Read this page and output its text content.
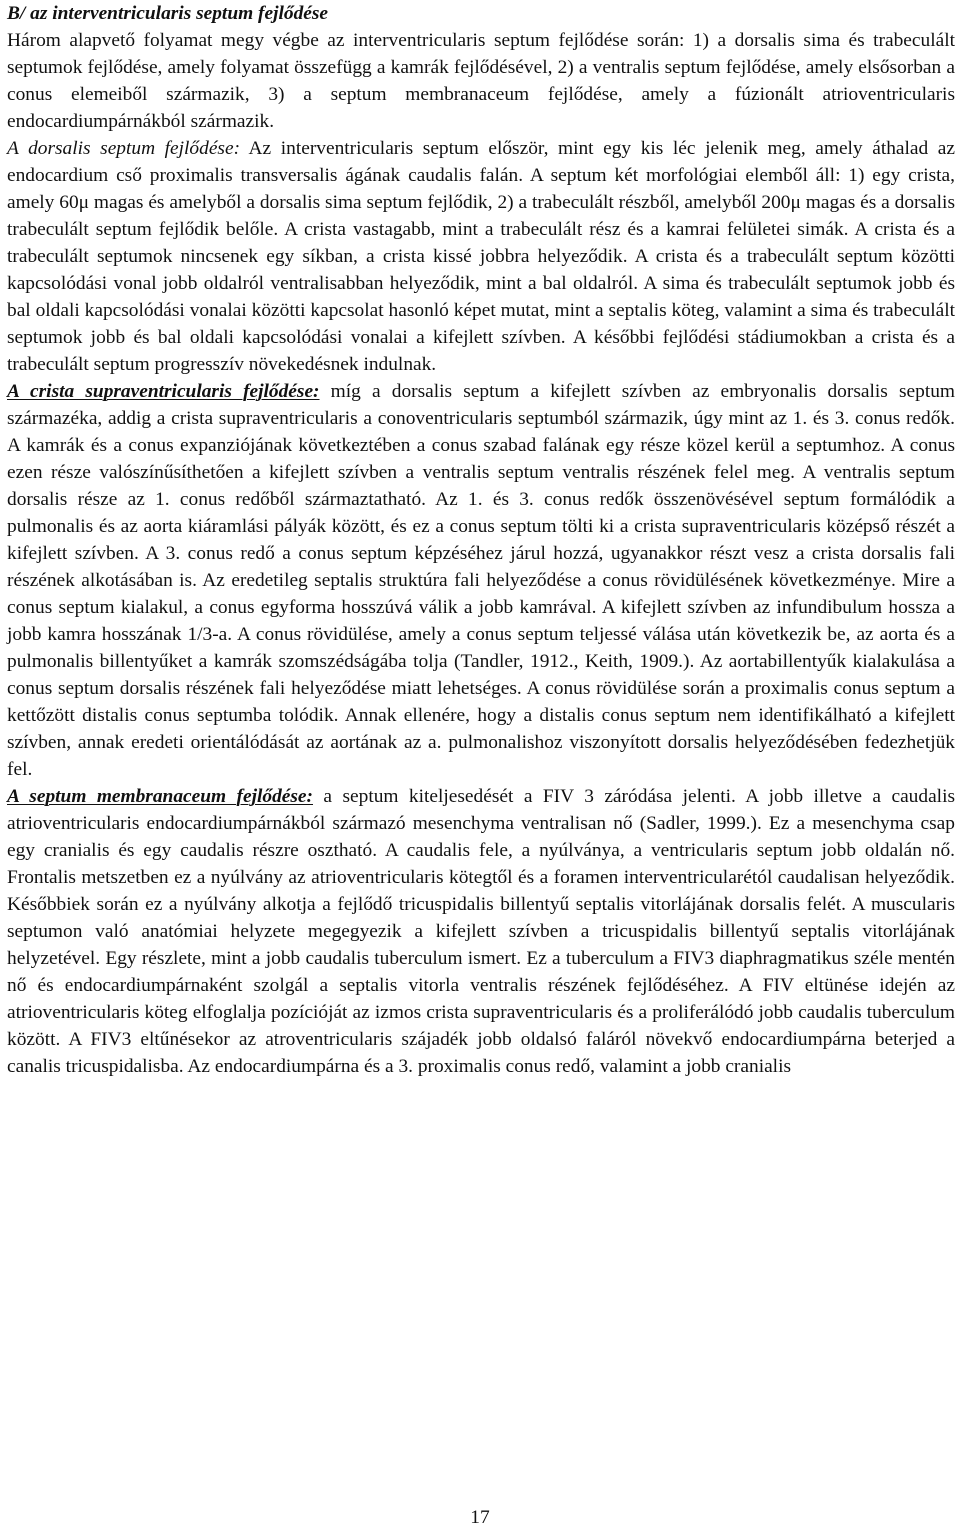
B/ az interventricularis septum fejlődése

Három alapvető folyamat megy végbe az interventricularis septum fejlődése során: 1) a dorsalis sima és trabeculált septumok fejlődése, amely folyamat összefügg a kamrák fejlődésével, 2) a ventralis septum fejlődése, amely elsősorban a conus elemeiből származik, 3) a septum membranaceum fejlődése, amely a fúzionált atrioventricularis endocardiumpárnákból származik.

A dorsalis septum fejlődése: Az interventricularis septum először, mint egy kis léc jelenik meg, amely áthalad az endocardium cső proximalis transversalis ágának caudalis falán. A septum két morfológiai elemből áll: 1) egy crista, amely 60μ magas és amelyből a dorsalis sima septum fejlődik, 2) a trabeculált részből, amelyből 200μ magas és a dorsalis trabeculált septum fejlődik belőle. A crista vastagabb, mint a trabeculált rész és a kamrai felületei simák. A crista és a trabeculált septumok nincsenek egy síkban, a crista kissé jobbra helyeződik. A crista és a trabeculált septum közötti kapcsolódási vonal jobb oldalról ventralisabban helyeződik, mint a bal oldalról. A sima és trabeculált septumok jobb és bal oldali kapcsolódási vonalai közötti kapcsolat hasonló képet mutat, mint a septalis köteg, valamint a sima és trabeculált septumok jobb és bal oldali kapcsolódási vonalai a kifejlett szívben. A későbbi fejlődési stádiumokban a crista és a trabeculált septum progresszív növekedésnek indulnak.

A crista supraventricularis fejlődése: míg a dorsalis septum a kifejlett szívben az embryonalis dorsalis septum származéka, addig a crista supraventricularis a conoventricularis septumból származik, úgy mint az 1. és 3. conus redők. A kamrák és a conus expanziójának következtében a conus szabad falának egy része közel kerül a septumhoz. A conus ezen része valószínűsíthetően a kifejlett szívben a ventralis septum ventralis részének felel meg. A ventralis septum dorsalis része az 1. conus redőből származtatható. Az 1. és 3. conus redők összenövésével septum formálódik a pulmonalis és az aorta kiáramlási pályák között, és ez a conus septum tölti ki a crista supraventricularis középső részét a kifejlett szívben. A 3. conus redő a conus septum képzéséhez járul hozzá, ugyanakkor részt vesz a crista dorsalis fali részének alkotásában is. Az eredetileg septalis struktúra fali helyeződése a conus rövidülésének következménye. Mire a conus septum kialakul, a conus egyforma hosszúvá válik a jobb kamrával. A kifejlett szívben az infundibulum hossza a jobb kamra hosszának 1/3-a. A conus rövidülése, amely a conus septum teljessé válása után következik be, az aorta és a pulmonalis billentyűket a kamrák szomszédságába tolja (Tandler, 1912., Keith, 1909.). Az aortabillentyűk kialakulása a conus septum dorsalis részének fali helyeződése miatt lehetséges. A conus rövidülése során a proximalis conus septum a kettőzött distalis conus septumba tolódik. Annak ellenére, hogy a distalis conus septum nem identifikálható a kifejlett szívben, annak eredeti orientálódását az aortának az a. pulmonalishoz viszonyított dorsalis helyeződésében fedezhetjük fel.

A septum membranaceum fejlődése: a septum kiteljesedését a FIV 3 záródása jelenti. A jobb illetve a caudalis atrioventricularis endocardiumpárnákból származó mesenchyma ventralisan nő (Sadler, 1999.). Ez a mesenchyma csap egy cranialis és egy caudalis részre osztható. A caudalis fele, a nyúlványa, a ventricularis septum jobb oldalán nő. Frontalis metszetben ez a nyúlvány az atrioventricularis kötegtől és a foramen interventricularétól caudalisan helyeződik. Későbbiek során ez a nyúlvány alkotja a fejlődő tricuspidalis billentyű septalis vitorlájának dorsalis felét. A muscularis septumon való anatómiai helyzete megegyezik a kifejlett szívben a tricuspidalis billentyű septalis vitorlájának helyzetével. Egy részlete, mint a jobb caudalis tuberculum ismert. Ez a tuberculum a FIV3 diaphragmatikus széle mentén nő és endocardiumpárnaként szolgál a septalis vitorla ventralis részének fejlődéséhez. A FIV eltünése idején az atrioventricularis köteg elfoglalja pozícióját az izmos crista supraventricularis és a proliferálódó jobb caudalis tuberculum között. A FIV3 eltűnésekor az atroventricularis szájadék jobb oldalsó faláról növekvő endocardiumpárna beterjed a canalis tricuspidalisba. Az endocardiumpárna és a 3. proximalis conus redő, valamint a jobb cranialis

17
